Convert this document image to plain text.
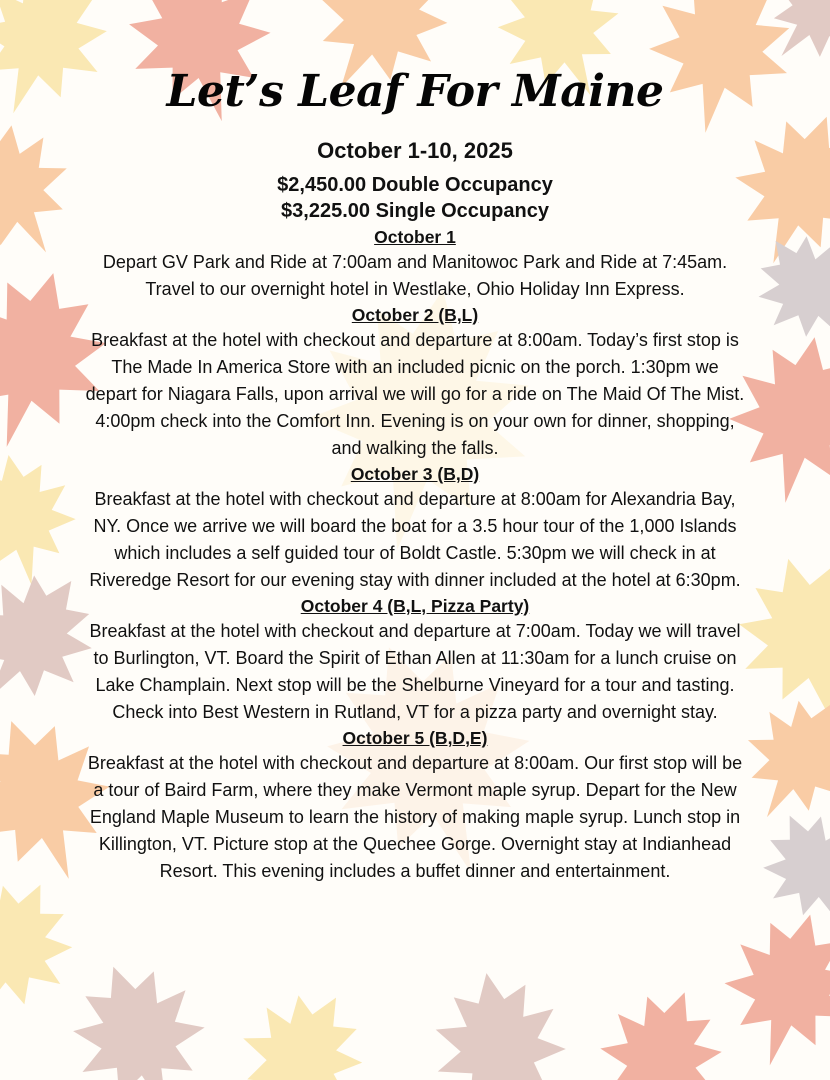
Let’s Leaf For Maine
October 1-10, 2025
$2,450.00 Double Occupancy
$3,225.00 Single Occupancy

October 1

Depart GV Park and Ride at 7:00am and Manitowoc Park and Ride at 7:45am. Travel to our overnight hotel in Westlake, Ohio Holiday Inn Express.

October 2 (B,L)

Breakfast at the hotel with checkout and departure at 8:00am. Today’s first stop is The Made In America Store with an included picnic on the porch. 1:30pm we depart for Niagara Falls, upon arrival we will go for a ride on The Maid Of The Mist. 4:00pm check into the Comfort Inn. Evening is on your own for dinner, shopping, and walking the falls.

October 3 (B,D)

Breakfast at the hotel with checkout and departure at 8:00am for Alexandria Bay, NY. Once we arrive we will board the boat for a 3.5 hour tour of the 1,000 Islands which includes a self guided tour of Boldt Castle. 5:30pm we will check in at Riveredge Resort for our evening stay with dinner included at the hotel at 6:30pm.

October 4 (B,L, Pizza Party)

Breakfast at the hotel with checkout and departure at 7:00am. Today we will travel to Burlington, VT. Board the Spirit of Ethan Allen at 11:30am for a lunch cruise on Lake Champlain. Next stop will be the Shelburne Vineyard for a tour and tasting. Check into Best Western in Rutland, VT for a pizza party and overnight stay.

October 5 (B,D,E)

Breakfast at the hotel with checkout and departure at 8:00am. Our first stop will be a tour of Baird Farm, where they make Vermont maple syrup. Depart for the New England Maple Museum to learn the history of making maple syrup. Lunch stop in Killington, VT. Picture stop at the Quechee Gorge. Overnight stay at Indianhead Resort. This evening includes a buffet dinner and entertainment.
